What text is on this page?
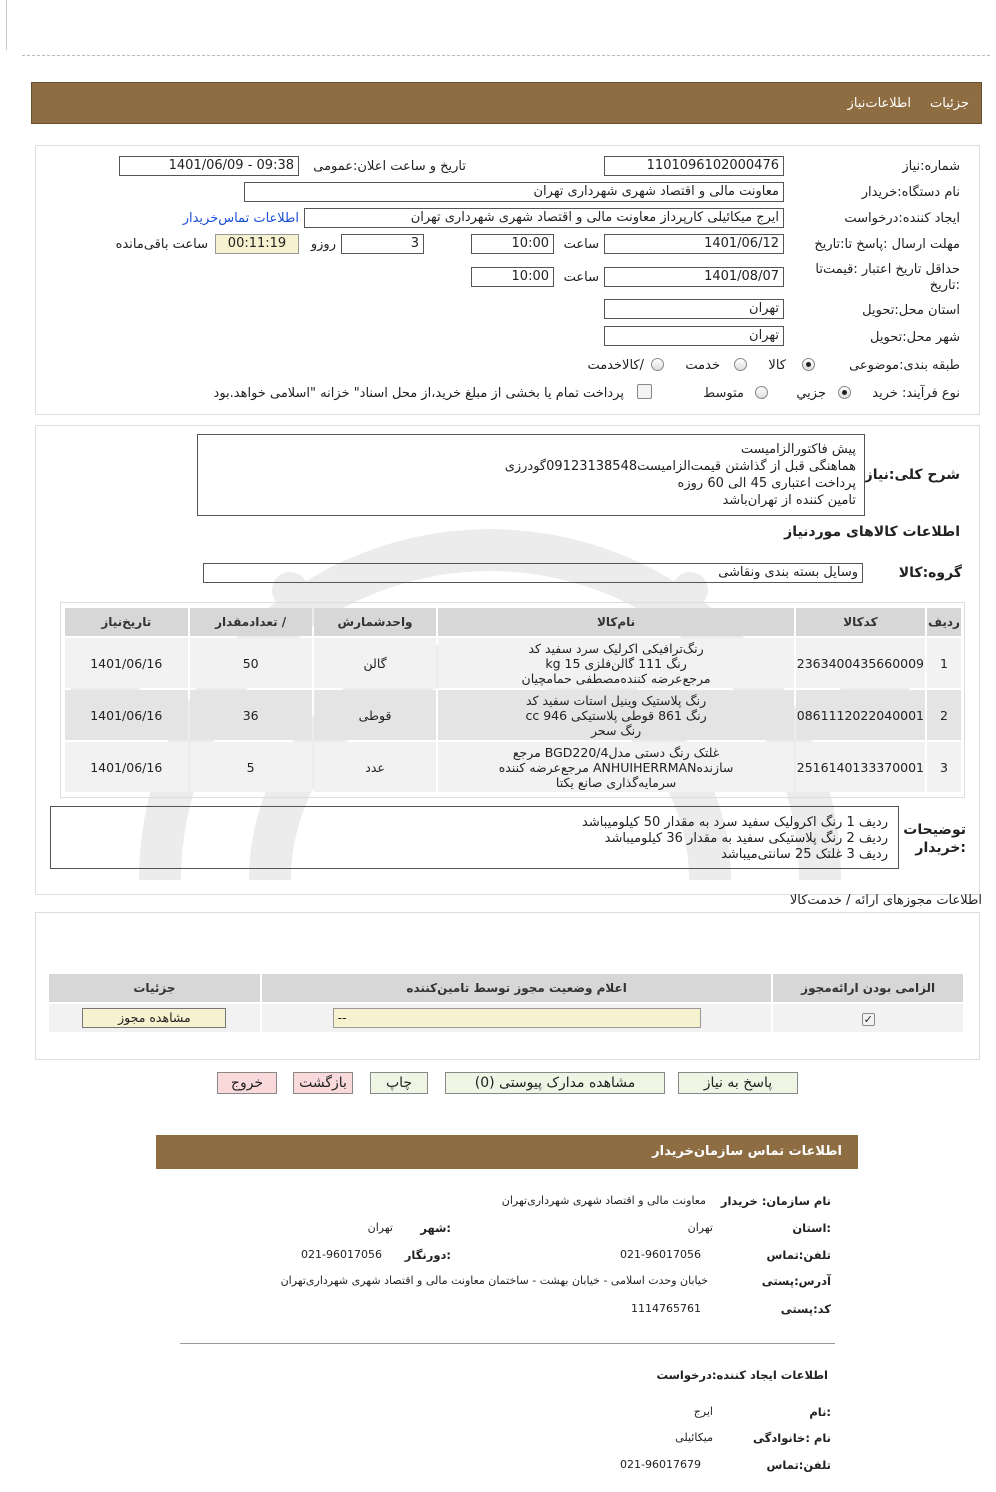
جزئیات
اطلاعات‌نیاز
شماره:نیاز
1101096102000476
تاریخ و ساعت اعلان:عمومی
1401/06/09 - 09:38
نام دستگاه:خریدار
معاونت مالی و اقتصاد شهری شهرداری تهران
ایجاد کننده:درخواست
ایرج میکائیلی کارپرداز معاونت مالی و اقتصاد شهری شهرداری تهران
اطلاعات تماس‌خریدار
مهلت ارسال :پاسخ تا:تاریخ
1401/06/12
ساعت
10:00
3
روزو
00:11:19
ساعت باقی‌مانده
حداقل تاریخ اعتبار :قیمت‌تا
:تاریخ
1401/08/07
ساعت
10:00
استان محل:تحویل
تهران
شهر محل:تحویل
تهران
طبقه بندی:موضوعی
کالا
خدمت
/کالاخدمت
نوع فرآیند: خرید
جزیي
متوسط
پرداخت تمام یا بخشی از مبلغ خرید،از محل اسناد" خزانه "اسلامی خواهد.بود
شرح کلی:نیاز
پیش فاکتورالزامیست
هماهنگی قبل از گذاشتن قیمت‌الزامیست09123138548گودرزی
پرداخت اعتباری 45 الی 60 روزه
تامین کننده از تهران‌باشد
اطلاعات کالاهای موردنیاز
گروه:کالا
وسایل بسته بندی ونقاشی
ردیف	کدکالا	نام‌کالا	واحدشمارش	/ تعدادمقدار	تاریخ‌نیاز
1	2363400435660009	رنگ‌ترافیکی اکرلیک سرد سفید کد
رنگ 111 گالن‌فلزی 15 kg
مرجع‌عرضه کننده‌مصطفی حمامچیان	گالن	50	1401/06/16
2	0861112022040001	رنگ پلاستیک وینیل استات سفید کد
رنگ 861 قوطی پلاستیکی 946 cc
رنگ سحر	قوطی	36	1401/06/16
3	2516140133370001	غلتک رنگ دستی مدلBGD220/4 مرجع
سازندهANHUIHERRMAN مرجع‌عرضه کننده
سرمایه‌گذاری صانع یکتا	عدد	5	1401/06/16
توضیحات
:خریدار
ردیف 1 رنگ اکرولیک سفید سرد به مقدار 50 کیلومیباشد
ردیف 2 رنگ پلاستیکی سفید به مقدار 36 کیلومیباشد
ردیف 3 غلتک 25 سانتی‌میباشد
اطلاعات مجوزهای ارائه / خدمت‌کالا
الزامی بودن ارائه‌مجوز	اعلام وضعیت مجوز توسط تامین‌کننده	جزئیات
✓	--	مشاهده مجوز
پاسخ به نیاز
مشاهده مدارک پیوستی (0)
چاپ
بازگشت
خروج
اطلاعات تماس سازمان‌خریدار
نام سازمان: خریدار
معاونت مالی و اقتصاد شهری شهرداری‌تهران
:استان
تهران
:شهر
تهران
تلفن:تماس
021-96017056
:دورنگار
021-96017056
آدرس:پستی
خیابان وحدت اسلامی - خیابان بهشت - ساختمان معاونت مالی و اقتصاد شهری شهرداری‌تهران
کد:پستی
1114765761
اطلاعات ایجاد کننده:درخواست
:نام
ایرج
نام :خانوادگی
میکائیلی
تلفن:تماس
021-96017679
